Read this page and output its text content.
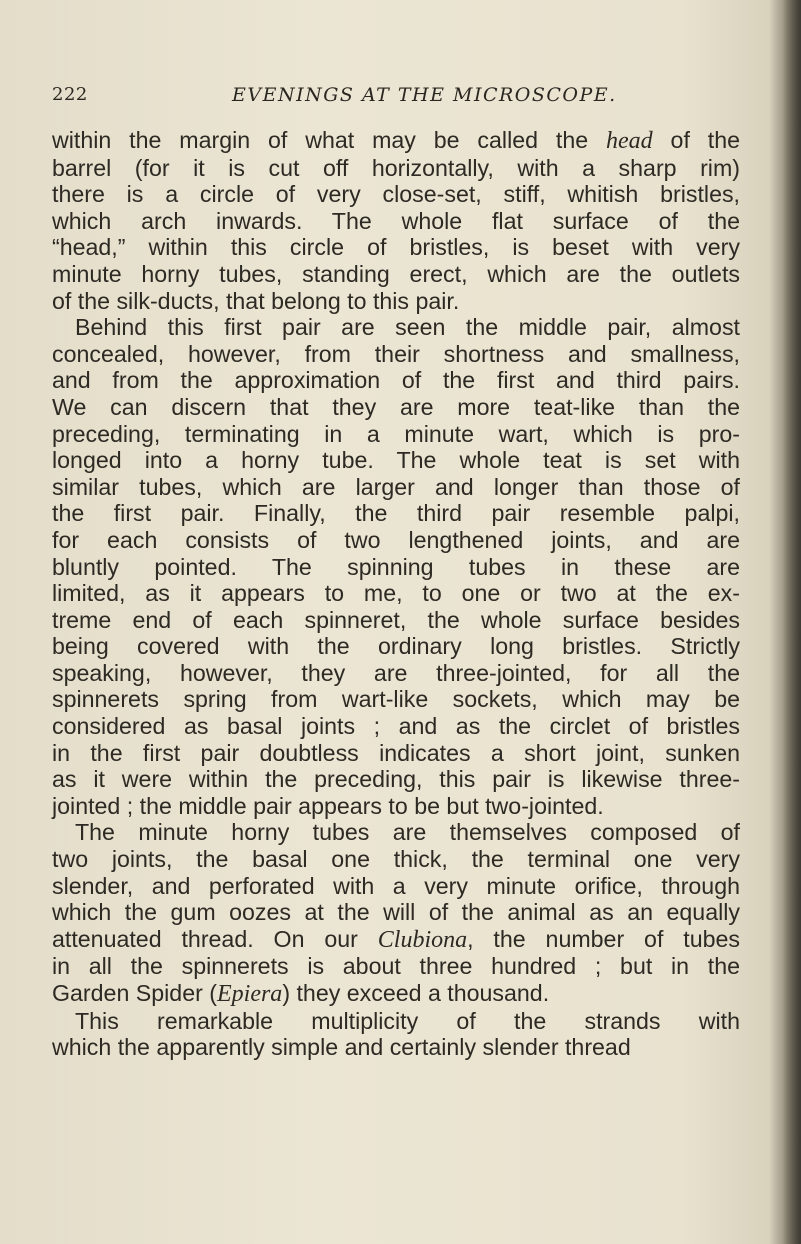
222	EVENINGS AT THE MICROSCOPE.

within the margin of what may be called the head of the
barrel (for it is cut off horizontally, with a sharp rim)
there is a circle of very close-set, stiff, whitish bristles,
which arch inwards. The whole flat surface of the
“head,” within this circle of bristles, is beset with very
minute horny tubes, standing erect, which are the outlets
of the silk-ducts, that belong to this pair.

Behind this first pair are seen the middle pair, almost
concealed, however, from their shortness and smallness,
and from the approximation of the first and third pairs.
We can discern that they are more teat-like than the
preceding, terminating in a minute wart, which is pro-
longed into a horny tube. The whole teat is set with
similar tubes, which are larger and longer than those of
the first pair. Finally, the third pair resemble palpi,
for each consists of two lengthened joints, and are
bluntly pointed. The spinning tubes in these are
limited, as it appears to me, to one or two at the ex-
treme end of each spinneret, the whole surface besides
being covered with the ordinary long bristles. Strictly
speaking, however, they are three-jointed, for all the
spinnerets spring from wart-like sockets, which may be
considered as basal joints ; and as the circlet of bristles
in the first pair doubtless indicates a short joint, sunken
as it were within the preceding, this pair is likewise three-
jointed ; the middle pair appears to be but two-jointed.

The minute horny tubes are themselves composed of
two joints, the basal one thick, the terminal one very
slender, and perforated with a very minute orifice, through
which the gum oozes at the will of the animal as an equally
attenuated thread. On our Clubiona, the number of tubes
in all the spinnerets is about three hundred ; but in the
Garden Spider (Epiera) they exceed a thousand.

This remarkable multiplicity of the strands with
which the apparently simple and certainly slender thread
